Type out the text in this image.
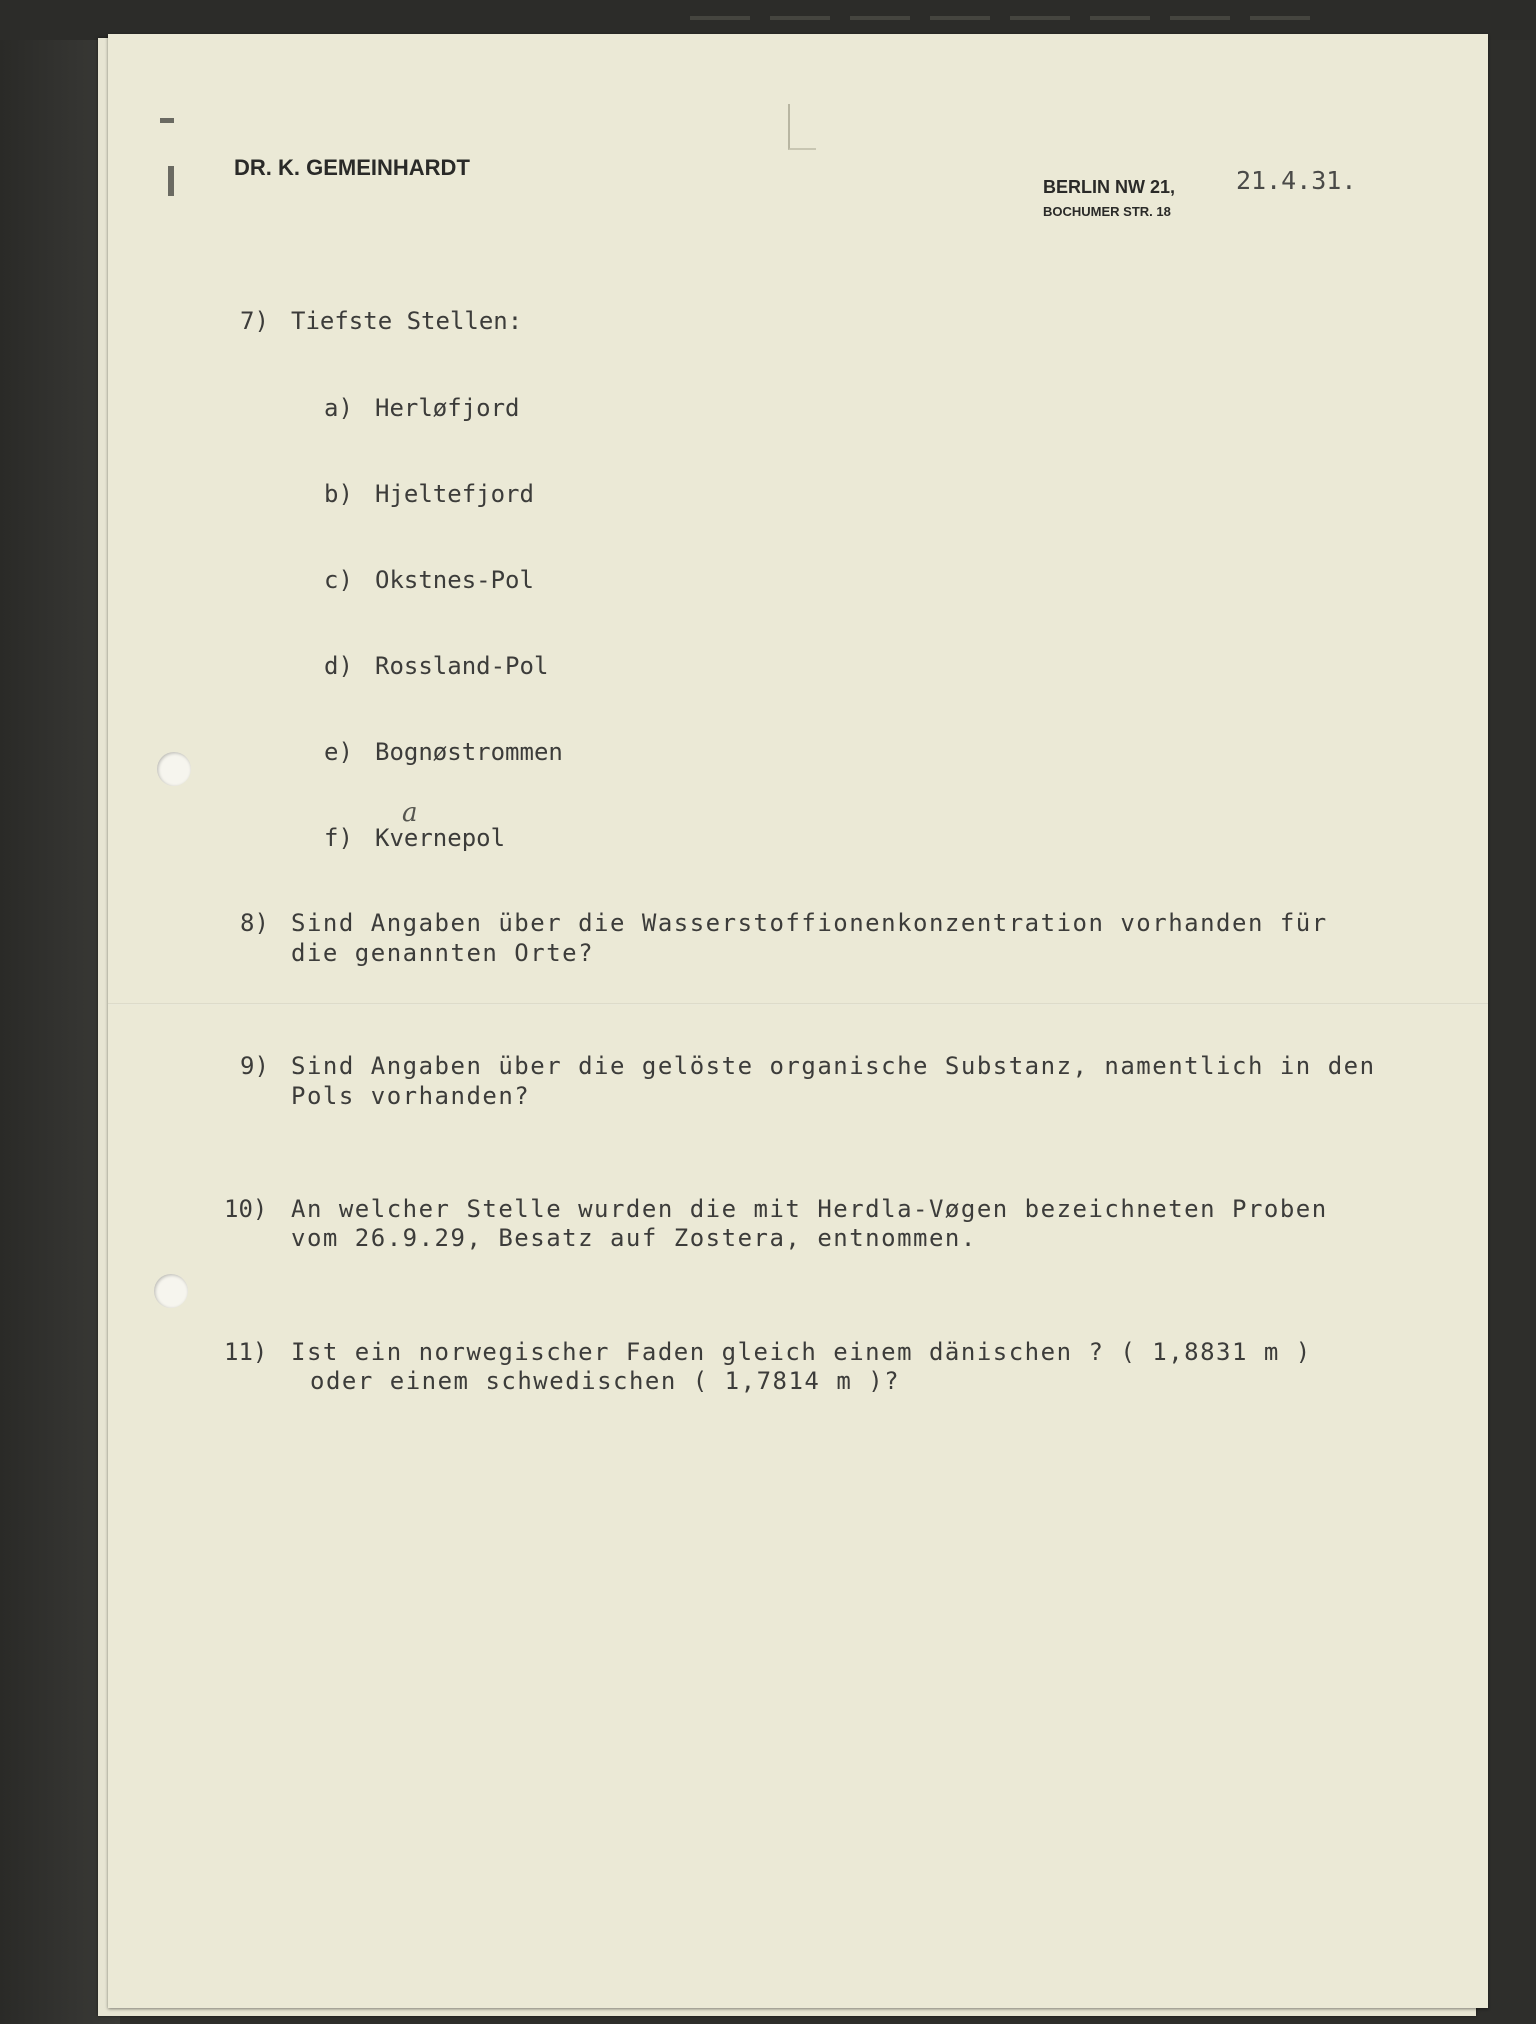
DR. K. GEMEINHARDT
BERLIN NW 21,
BOCHUMER STR. 18
21.4.31.
7) Tiefste Stellen:
a) Herløfjord
b) Hjeltefjord
c) Okstnes-Pol
d) Rossland-Pol
e) Bognøstrommen
a
f) Kvernepol
8) Sind Angaben über die Wasserstoffionenkonzentration vorhanden für
die genannten Orte?
9) Sind Angaben über die gelöste organische Substanz, namentlich in den
Pols vorhanden?
10) An welcher Stelle wurden die mit Herdla-Vøgen bezeichneten Proben
vom 26.9.29, Besatz auf Zostera, entnommen.
11) Ist ein norwegischer Faden gleich einem dänischen ? ( 1,8831 m )
oder einem schwedischen ( 1,7814 m )?
